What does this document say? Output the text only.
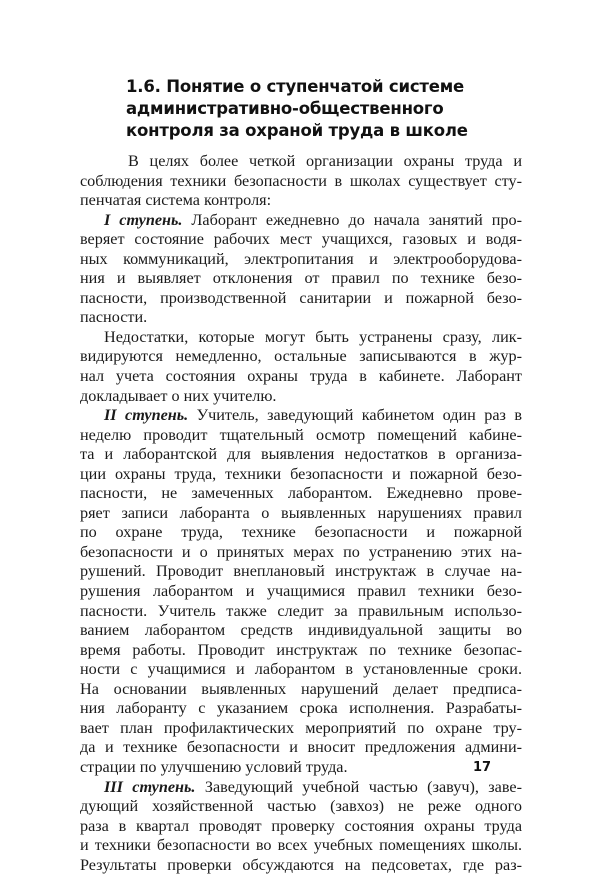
1.6. Понятие о ступенчатой системе
административно-общественного
контроля за охраной труда в школе
В целях более четкой организации охраны труда и
соблюдения техники безопасности в школах существует сту-
пенчатая система контроля:
I ступень. Лаборант ежедневно до начала занятий про-
веряет состояние рабочих мест учащихся, газовых и водя-
ных коммуникаций, электропитания и электрооборудова-
ния и выявляет отклонения от правил по технике безо-
пасности, производственной санитарии и пожарной безо-
пасности.
Недостатки, которые могут быть устранены сразу, лик-
видируются немедленно, остальные записываются в жур-
нал учета состояния охраны труда в кабинете. Лаборант
докладывает о них учителю.
II ступень. Учитель, заведующий кабинетом один раз в
неделю проводит тщательный осмотр помещений кабине-
та и лаборантской для выявления недостатков в организа-
ции охраны труда, техники безопасности и пожарной безо-
пасности, не замеченных лаборантом. Ежедневно прове-
ряет записи лаборанта о выявленных нарушениях правил
по охране труда, технике безопасности и пожарной
безопасности и о принятых мерах по устранению этих на-
рушений. Проводит внеплановый инструктаж в случае на-
рушения лаборантом и учащимися правил техники безо-
пасности. Учитель также следит за правильным использо-
ванием лаборантом средств индивидуальной защиты во
время работы. Проводит инструктаж по технике безопас-
ности с учащимися и лаборантом в установленные сроки.
На основании выявленных нарушений делает предписа-
ния лаборанту с указанием срока исполнения. Разрабаты-
вает план профилактических мероприятий по охране тру-
да и технике безопасности и вносит предложения админи-
страции по улучшению условий труда.
III ступень. Заведующий учебной частью (завуч), заве-
дующий хозяйственной частью (завхоз) не реже одного
раза в квартал проводят проверку состояния охраны труда
и техники безопасности во всех учебных помещениях школы.
Результаты проверки обсуждаются на педсоветах, где раз-
17
